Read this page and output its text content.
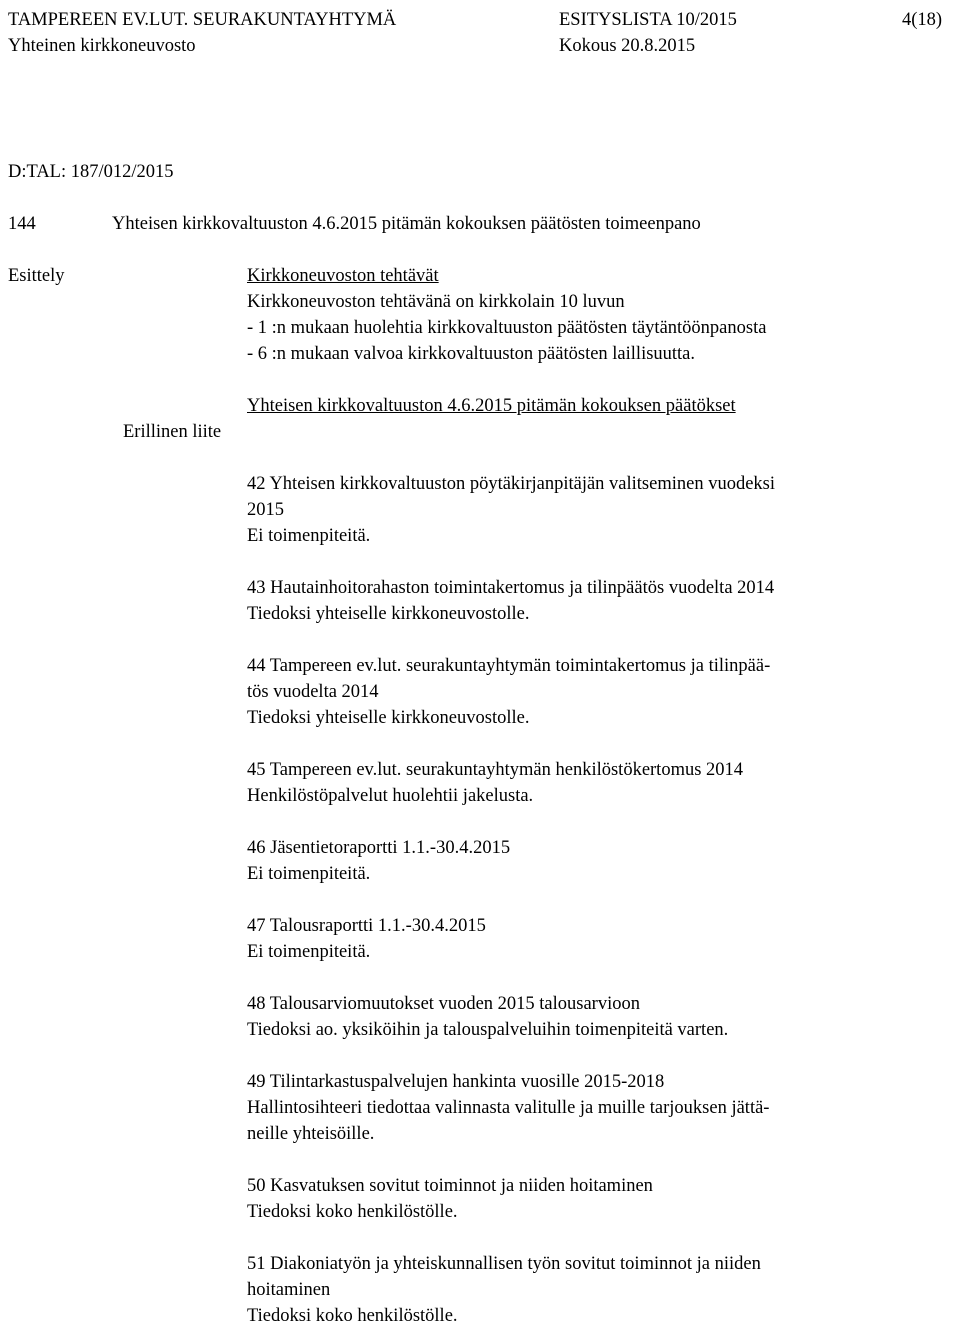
TAMPEREEN EV.LUT. SEURAKUNTAYHTYMÄ
Yhteinen kirkkoneuvosto
ESITYSLISTA 10/2015
Kokous 20.8.2015
4(18)
D:TAL: 187/012/2015
144	Yhteisen kirkkovaltuuston 4.6.2015 pitämän kokouksen päätösten toimeenpano
Esittely
Erillinen liite
Kirkkoneuvoston tehtävät
Kirkkoneuvoston tehtävänä on kirkkolain 10 luvun
- 1 :n mukaan huolehtia kirkkovaltuuston päätösten täytäntöönpanosta
- 6 :n mukaan valvoa kirkkovaltuuston päätösten laillisuutta.
Yhteisen kirkkovaltuuston 4.6.2015 pitämän kokouksen päätökset
42 Yhteisen kirkkovaltuuston pöytäkirjanpitäjän valitseminen vuodeksi
2015
Ei toimenpiteitä.
43 Hautainhoitorahaston toimintakertomus ja tilinpäätös vuodelta 2014
Tiedoksi yhteiselle kirkkoneuvostolle.
44 Tampereen ev.lut. seurakuntayhtymän toimintakertomus ja tilinpää-
tös vuodelta 2014
Tiedoksi yhteiselle kirkkoneuvostolle.
45 Tampereen ev.lut. seurakuntayhtymän henkilöstökertomus 2014
Henkilöstöpalvelut huolehtii jakelusta.
46 Jäsentietoraportti 1.1.-30.4.2015
Ei toimenpiteitä.
47 Talousraportti 1.1.-30.4.2015
Ei toimenpiteitä.
48 Talousarviomuutokset vuoden 2015 talousarvioon
Tiedoksi ao. yksiköihin ja talouspalveluihin toimenpiteitä varten.
49 Tilintarkastuspalvelujen hankinta vuosille 2015-2018
Hallintosihteeri tiedottaa valinnasta valitulle ja muille tarjouksen jättä-
neille yhteisöille.
50 Kasvatuksen sovitut toiminnot ja niiden hoitaminen
Tiedoksi koko henkilöstölle.
51 Diakoniatyön ja yhteiskunnallisen työn sovitut toiminnot ja niiden
hoitaminen
Tiedoksi koko henkilöstölle.
